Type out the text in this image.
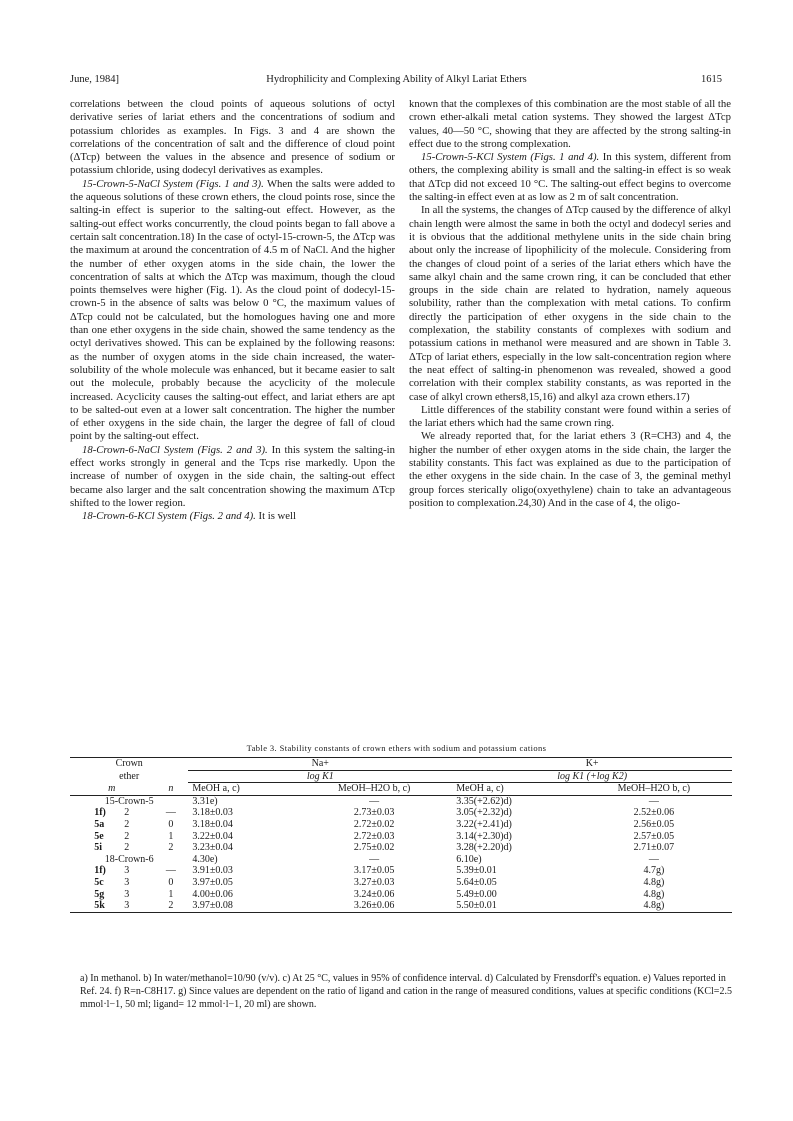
June, 1984]	Hydrophilicity and Complexing Ability of Alkyl Lariat Ethers	1615

correlations between the cloud points of aqueous solutions of octyl derivative series of lariat ethers and the concentrations of sodium and potassium chlorides as examples. In Figs. 3 and 4 are shown the correlations of the concentration of salt and the difference of cloud point (ΔTcp) between the values in the absence and presence of sodium or potassium chloride, using dodecyl derivatives as examples.

15-Crown-5-NaCl System (Figs. 1 and 3). When the salts were added to the aqueous solutions of these crown ethers, the cloud points rose, since the salting-in effect is superior to the salting-out effect. However, as the salting-out effect works concurrently, the cloud points began to fall above a certain salt concentration.18) In the case of octyl-15-crown-5, the ΔTcp was the maximum at around the concentration of 4.5 m of NaCl. And the higher the number of ether oxygen atoms in the side chain, the lower the concentration of salts at which the ΔTcp was maximum, though the cloud points themselves were higher (Fig. 1). As the cloud point of dodecyl-15-crown-5 in the absence of salts was below 0 °C, the maximum values of ΔTcp could not be calculated, but the homologues having one and more than one ether oxygens in the side chain, showed the same tendency as the octyl derivatives showed. This can be explained by the following reasons: as the number of oxygen atoms in the side chain increased, the water-solubility of the whole molecule was enhanced, but it became easier to salt out the molecule, probably because the acyclicity of the molecule increased. Acyclicity causes the salting-out effect, and lariat ethers are apt to be salted-out even at a lower salt concentration. The higher the number of ether oxygens in the side chain, the larger the degree of fall of cloud point by the salting-out effect.

18-Crown-6-NaCl System (Figs. 2 and 3). In this system the salting-in effect works strongly in general and the Tcps rise markedly. Upon the increase of number of oxygen in the side chain, the salting-out effect became also larger and the salt concentration showing the maximum ΔTcp shifted to the lower region.

18-Crown-6-KCl System (Figs. 2 and 4). It is well

known that the complexes of this combination are the most stable of all the crown ether-alkali metal cation systems. They showed the largest ΔTcp values, 40—50 °C, showing that they are affected by the strong salting-in effect due to the strong complexation.

15-Crown-5-KCl System (Figs. 1 and 4). In this system, different from others, the complexing ability is small and the salting-in effect is so weak that ΔTcp did not exceed 10 °C. The salting-out effect begins to overcome the salting-in effect even at as low as 2 m of salt concentration.

In all the systems, the changes of ΔTcp caused by the difference of alkyl chain length were almost the same in both the octyl and dodecyl series and it is obvious that the additional methylene units in the side chain bring about only the increase of lipophilicity of the molecule. Considering from the changes of cloud point of a series of the lariat ethers which have the same alkyl chain and the same crown ring, it can be concluded that ether groups in the side chain are related to hydration, namely aqueous solubility, rather than the complexation with metal cations. To confirm directly the participation of ether oxygens in the side chain to the complexation, the stability constants of complexes with sodium and potassium cations in methanol were measured and are shown in Table 3. ΔTcp of lariat ethers, especially in the low salt-concentration region where the neat effect of salting-in phenomenon was revealed, showed a good correlation with their complex stability constants, as was reported in the case of alkyl crown ethers8,15,16) and alkyl aza crown ethers.17)

Little differences of the stability constant were found within a series of the lariat ethers which had the same crown ring.

We already reported that, for the lariat ethers 3 (R=CH3) and 4, the higher the number of ether oxygen atoms in the side chain, the larger the stability constants. This fact was explained as due to the participation of the ether oxygens in the side chain. In the case of 3, the geminal methyl group forces sterically oligo(oxyethylene) chain to take an advantageous position to complexation.24,30) And in the case of 4, the oligo-

Table 3. Stability constants of crown ethers with sodium and potassium cations
Crown		Na+		K+	
ether		log K1		log K1 (+log K2)	
m	n	MeOH a, c)	MeOH–H2O b, c)	MeOH a, c)	MeOH–H2O b, c)
15-Crown-5		3.31e)	—	3.35(+2.62)d)	—
1f) 2	—	3.18±0.03	2.73±0.03	3.05(+2.32)d)	2.52±0.06
5a 2	0	3.18±0.04	2.72±0.02	3.22(+2.41)d)	2.56±0.05
5e 2	1	3.22±0.04	2.72±0.03	3.14(+2.30)d)	2.57±0.05
5i 2	2	3.23±0.04	2.75±0.02	3.28(+2.20)d)	2.71±0.07
18-Crown-6		4.30e)	—	6.10e)	—
1f) 3	—	3.91±0.03	3.17±0.05	5.39±0.01	4.7g)
5c 3	0	3.97±0.05	3.27±0.03	5.64±0.05	4.8g)
5g 3	1	4.00±0.06	3.24±0.06	5.49±0.00	4.8g)
5k 3	2	3.97±0.08	3.26±0.06	5.50±0.01	4.8g)

a) In methanol. b) In water/methanol=10/90 (v/v). c) At 25 °C, values in 95% of confidence interval. d) Calculated by Frensdorff's equation. e) Values reported in Ref. 24. f) R=n-C8H17. g) Since values are dependent on the ratio of ligand and cation in the range of measured conditions, values at specific conditions (KCl=2.5 mmol·l−1, 50 ml; ligand= 12 mmol·l−1, 20 ml) are shown.
